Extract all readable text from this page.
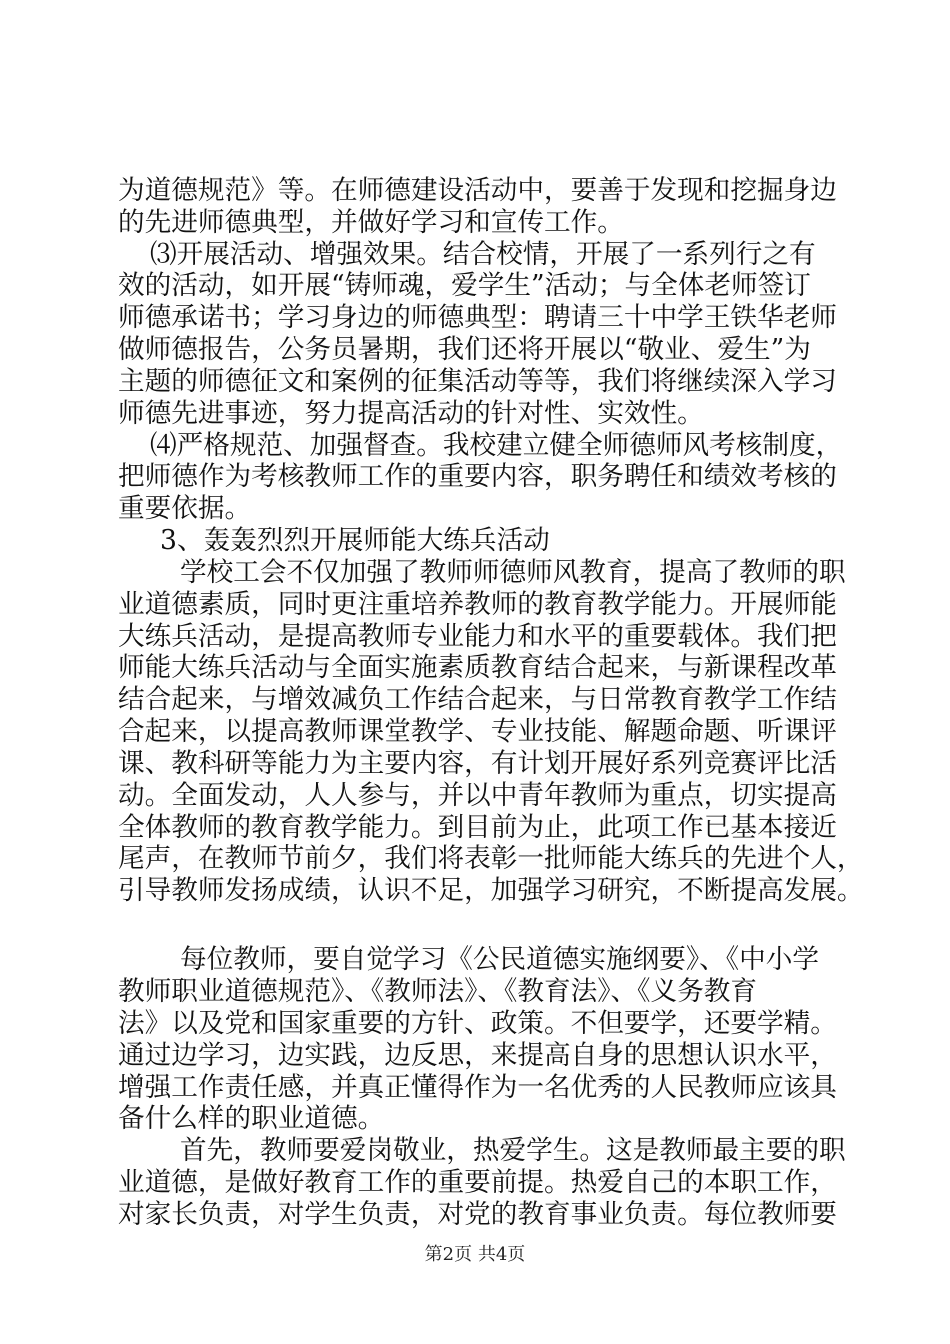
为道德规范》等。在师德建设活动中，要善于发现和挖掘身边
的先进师德典型，并做好学习和宣传工作。
⑶开展活动、增强效果。结合校情，开展了一系列行之有
效的活动，如开展“铸师魂，爱学生”活动；与全体老师签订
师德承诺书；学习身边的师德典型：聘请三十中学王铁华老师
做师德报告，公务员暑期，我们还将开展以“敬业、爱生”为
主题的师德征文和案例的征集活动等等，我们将继续深入学习
师德先进事迹，努力提高活动的针对性、实效性。
⑷严格规范、加强督查。我校建立健全师德师风考核制度，
把师德作为考核教师工作的重要内容，职务聘任和绩效考核的
重要依据。
3、轰轰烈烈开展师能大练兵活动
学校工会不仅加强了教师师德师风教育，提高了教师的职
业道德素质，同时更注重培养教师的教育教学能力。开展师能
大练兵活动，是提高教师专业能力和水平的重要载体。我们把
师能大练兵活动与全面实施素质教育结合起来，与新课程改革
结合起来，与增效减负工作结合起来，与日常教育教学工作结
合起来，以提高教师课堂教学、专业技能、解题命题、听课评
课、教科研等能力为主要内容，有计划开展好系列竞赛评比活
动。全面发动，人人参与，并以中青年教师为重点，切实提高
全体教师的教育教学能力。到目前为止，此项工作已基本接近
尾声，在教师节前夕，我们将表彰一批师能大练兵的先进个人，
引导教师发扬成绩，认识不足，加强学习研究，不断提高发展。
每位教师，要自觉学习《公民道德实施纲要》、《中小学
教师职业道德规范》、《教师法》、《教育法》、《义务教育
法》以及党和国家重要的方针、政策。不但要学，还要学精。
通过边学习，边实践，边反思，来提高自身的思想认识水平，
增强工作责任感，并真正懂得作为一名优秀的人民教师应该具
备什么样的职业道德。
首先，教师要爱岗敬业，热爱学生。这是教师最主要的职
业道德，是做好教育工作的重要前提。热爱自己的本职工作，
对家长负责，对学生负责，对党的教育事业负责。每位教师要
第2页 共4页
